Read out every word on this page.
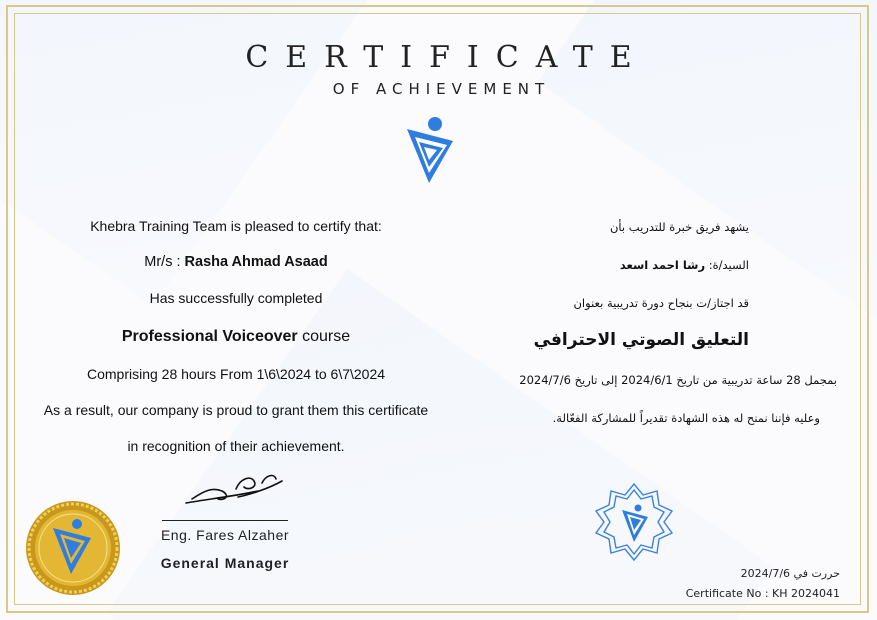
CERTIFICATE
OF ACHIEVEMENT
Khebra Training Team is pleased to certify that:
Mr/s : Rasha Ahmad Asaad
Has successfully completed
Professional Voiceover course
Comprising 28 hours From 1\6\2024 to 6\7\2024
As a result, our company is proud to grant them this certificate
in recognition of their achievement.
يشهد فريق خبرة للتدريب بأن
السيد/ة: رشا احمد اسعد
قد اجتاز/ت بنجاح دورة تدريبية بعنوان
التعليق الصوتي الاحترافي
بمجمل 28 ساعة تدريبية من تاريخ 2024/6/1 إلى تاريخ 2024/7/6
وعليه فإننا نمنح له هذه الشهادة تقديراً للمشاركة الفعّالة.
Eng. Fares Alzaher
General Manager
حررت في 2024/7/6
Certificate No : KH 2024041
